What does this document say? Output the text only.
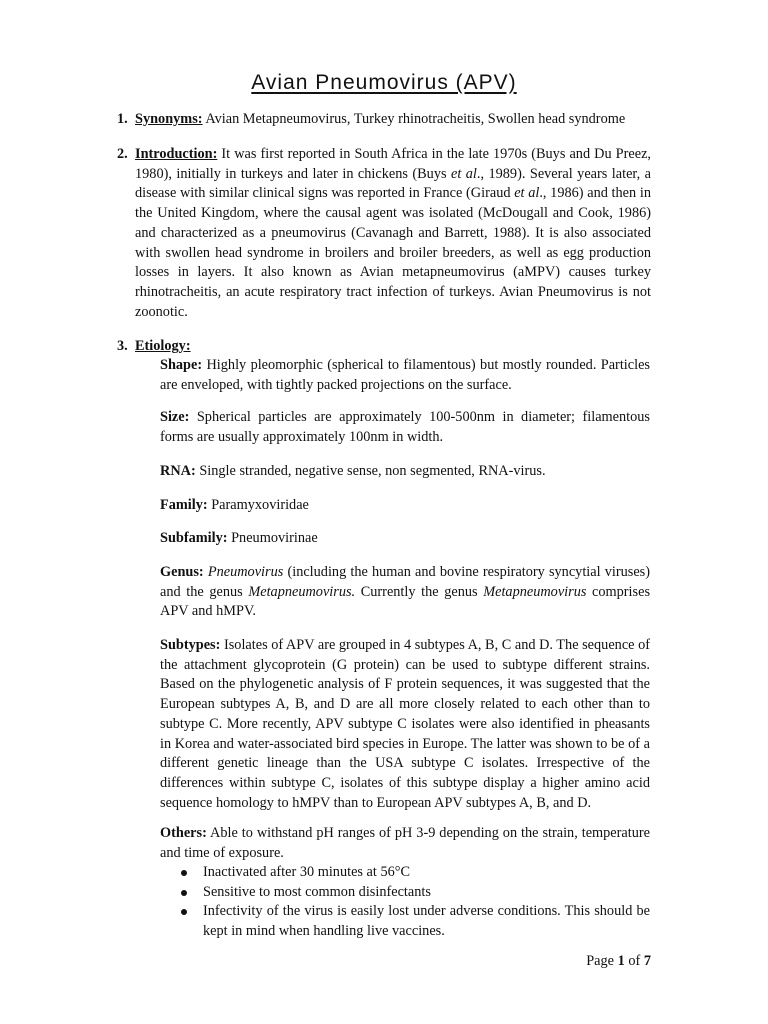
Avian Pneumovirus (APV)
1. Synonyms: Avian Metapneumovirus, Turkey rhinotracheitis, Swollen head syndrome
2. Introduction: It was first reported in South Africa in the late 1970s (Buys and Du Preez, 1980), initially in turkeys and later in chickens (Buys et al., 1989). Several years later, a disease with similar clinical signs was reported in France (Giraud et al., 1986) and then in the United Kingdom, where the causal agent was isolated (McDougall and Cook, 1986) and characterized as a pneumovirus (Cavanagh and Barrett, 1988). It is also associated with swollen head syndrome in broilers and broiler breeders, as well as egg production losses in layers. It also known as Avian metapneumovirus (aMPV) causes turkey rhinotracheitis, an acute respiratory tract infection of turkeys. Avian Pneumovirus is not zoonotic.
3. Etiology:
Shape: Highly pleomorphic (spherical to filamentous) but mostly rounded. Particles are enveloped, with tightly packed projections on the surface.
Size: Spherical particles are approximately 100-500nm in diameter; filamentous forms are usually approximately 100nm in width.
RNA: Single stranded, negative sense, non segmented, RNA-virus.
Family: Paramyxoviridae
Subfamily: Pneumovirinae
Genus: Pneumovirus (including the human and bovine respiratory syncytial viruses) and the genus Metapneumovirus. Currently the genus Metapneumovirus comprises APV and hMPV.
Subtypes: Isolates of APV are grouped in 4 subtypes A, B, C and D. The sequence of the attachment glycoprotein (G protein) can be used to subtype different strains. Based on the phylogenetic analysis of F protein sequences, it was suggested that the European subtypes A, B, and D are all more closely related to each other than to subtype C. More recently, APV subtype C isolates were also identified in pheasants in Korea and water-associated bird species in Europe. The latter was shown to be of a different genetic lineage than the USA subtype C isolates. Irrespective of the differences within subtype C, isolates of this subtype display a higher amino acid sequence homology to hMPV than to European APV subtypes A, B, and D.
Others: Able to withstand pH ranges of pH 3-9 depending on the strain, temperature and time of exposure.
Inactivated after 30 minutes at 56°C
Sensitive to most common disinfectants
Infectivity of the virus is easily lost under adverse conditions. This should be kept in mind when handling live vaccines.
Page 1 of 7
